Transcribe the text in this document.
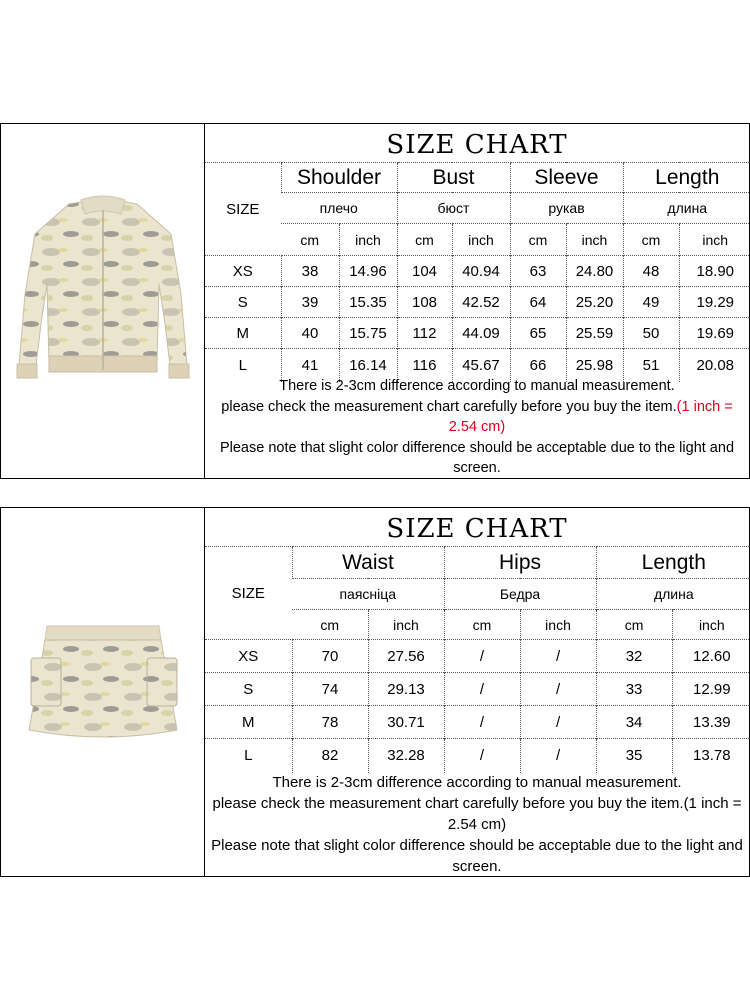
SIZE CHART
SIZE	Shoulder		Bust		Sleeve		Length	
	плечо		бюст		рукав		длина	
	cm	inch	cm	inch	cm	inch	cm	inch
XS	38	14.96	104	40.94	63	24.80	48	18.90
S	39	15.35	108	42.52	64	25.20	49	19.29
M	40	15.75	112	44.09	65	25.59	50	19.69
L	41	16.14	116	45.67	66	25.98	51	20.08

There is 2-3cm difference according to manual measurement.

please check the measurement chart carefully before you buy the item.(1 inch = 2.54 cm)

Please note that slight color difference should be acceptable due to the light and screen.

SIZE CHART
SIZE	Waist		Hips		Length	
	паясніца		Бедра		длина	
	cm	inch	cm	inch	cm	inch
XS	70	27.56	/	/	32	12.60
S	74	29.13	/	/	33	12.99
M	78	30.71	/	/	34	13.39
L	82	32.28	/	/	35	13.78

There is 2-3cm difference according to manual measurement.

please check the measurement chart carefully before you buy the item.(1 inch = 2.54 cm)

Please note that slight color difference should be acceptable due to the light and screen.
